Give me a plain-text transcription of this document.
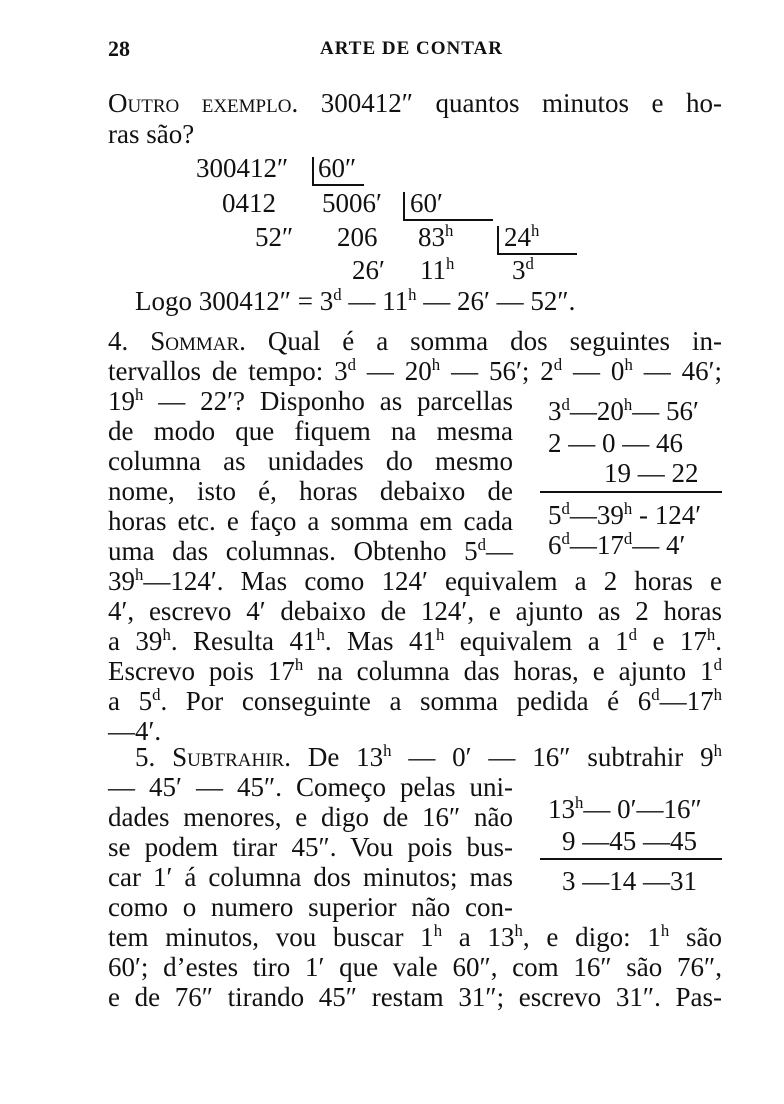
28	ARTE DE CONTAR
Outro exemplo. 300412″ quantos minutos e ho-
ras são?
300412″ 60″
0412 5006′ 60′
52″ 206 83$^h$ 24$^h$
26′ 11$^h$ 3$^d$
Logo $300412'' = 3^d$ — 11$^h$ — 26′ — 52″.
4. Sommar. Qual é a somma dos seguintes in-
tervallos de tempo: 3$^d$ — 20$^h$ — 56′; 2$^d$ — 0$^h$ — 46′;
19$^h$ — 22′? Disponho as parcellas
de modo que fiquem na mesma
columna as unidades do mesmo
nome, isto é, horas debaixo de
horas etc. e faço a somma em cada
uma das columnas. Obtenho 5$^d$—
39$^h$—124′. Mas como 124′ equivalem a 2 horas e
4′, escrevo 4′ debaixo de 124′, e ajunto as 2 horas
a 39$^h$. Resulta 41$^h$. Mas 41$^h$ equivalem a 1$^d$ e 17$^h$.
Escrevo pois 17$^h$ na columna das horas, e ajunto 1$^d$
a 5$^d$. Por conseguinte a somma pedida é 6$^d$—17$^h$
—4′.
3$^d$—20$^h$— 56′
2 — 0 — 46
19 — 22
5$^d$—39$^h$ - 124′
6$^d$—17$^d$— 4′
5. Subtrahir. De 13$^h$ — 0′ — 16″ subtrahir 9$^h$
— 45′ — 45″. Começo pelas uni-
dades menores, e digo de 16″ não
se podem tirar 45″. Vou pois bus-
car 1′ á columna dos minutos; mas
como o numero superior não con-
tem minutos, vou buscar 1$^h$ a 13$^h$, e digo: 1$^h$ são
60′; d’estes tiro 1′ que vale 60″, com 16″ são 76″,
e de 76″ tirando 45″ restam 31″; escrevo 31″. Pas-
13$^h$— 0′—16″
9 —45 —45
3 —14 —31
